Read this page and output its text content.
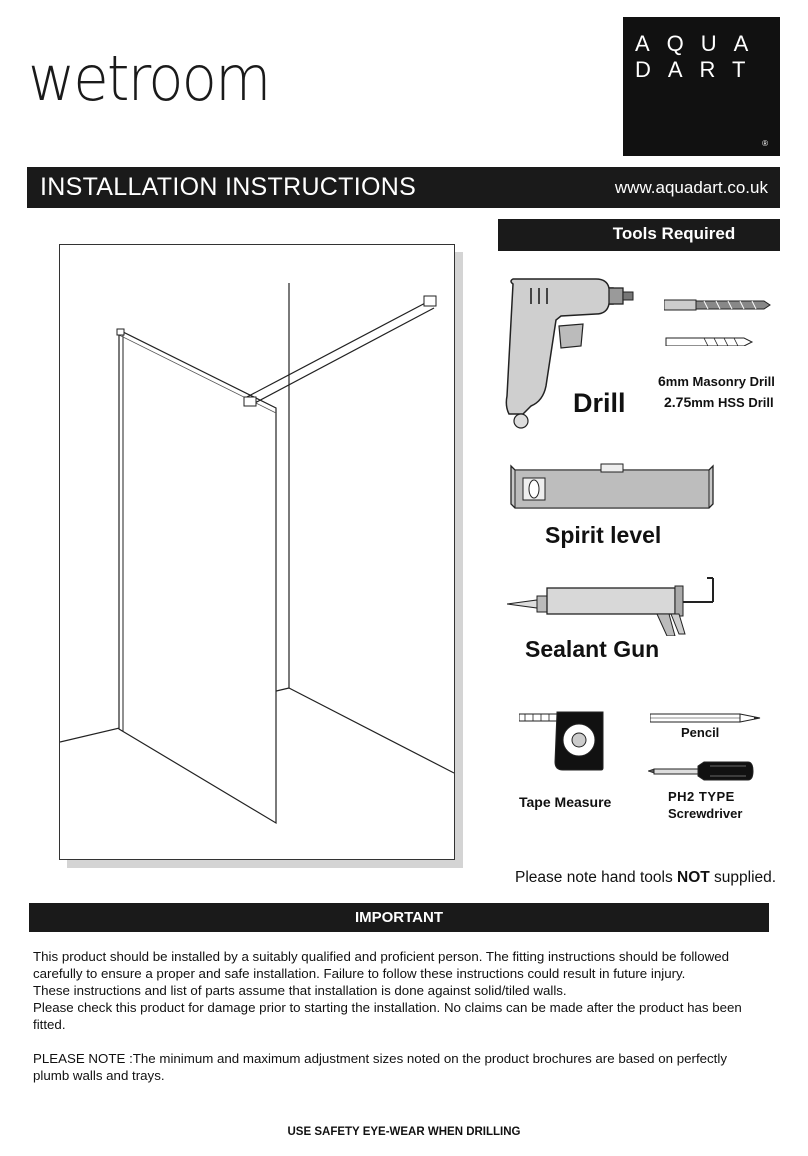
wetroom	AQUA
DART
®
INSTALLATION INSTRUCTIONS	www.aquadart.co.uk
Tools Required
Drill
6mm Masonry Drill
2.75mm HSS Drill
Spirit level
Sealant Gun
Tape Measure
Pencil
PH2 TYPE
Screwdriver
Please note hand tools NOT supplied.
IMPORTANT

This product should be installed by a suitably qualified and proficient person. The fitting instructions should be followed carefully to ensure a proper and safe installation. Failure to follow these instructions could result in future injury.

These instructions and list of parts assume that installation is done against solid/tiled walls.

Please check this product for damage prior to starting the installation. No claims can be made after the product has been fitted.

PLEASE NOTE :The minimum and maximum adjustment sizes noted on the product brochures are based on perfectly plumb walls and trays.

USE SAFETY EYE-WEAR WHEN DRILLING
